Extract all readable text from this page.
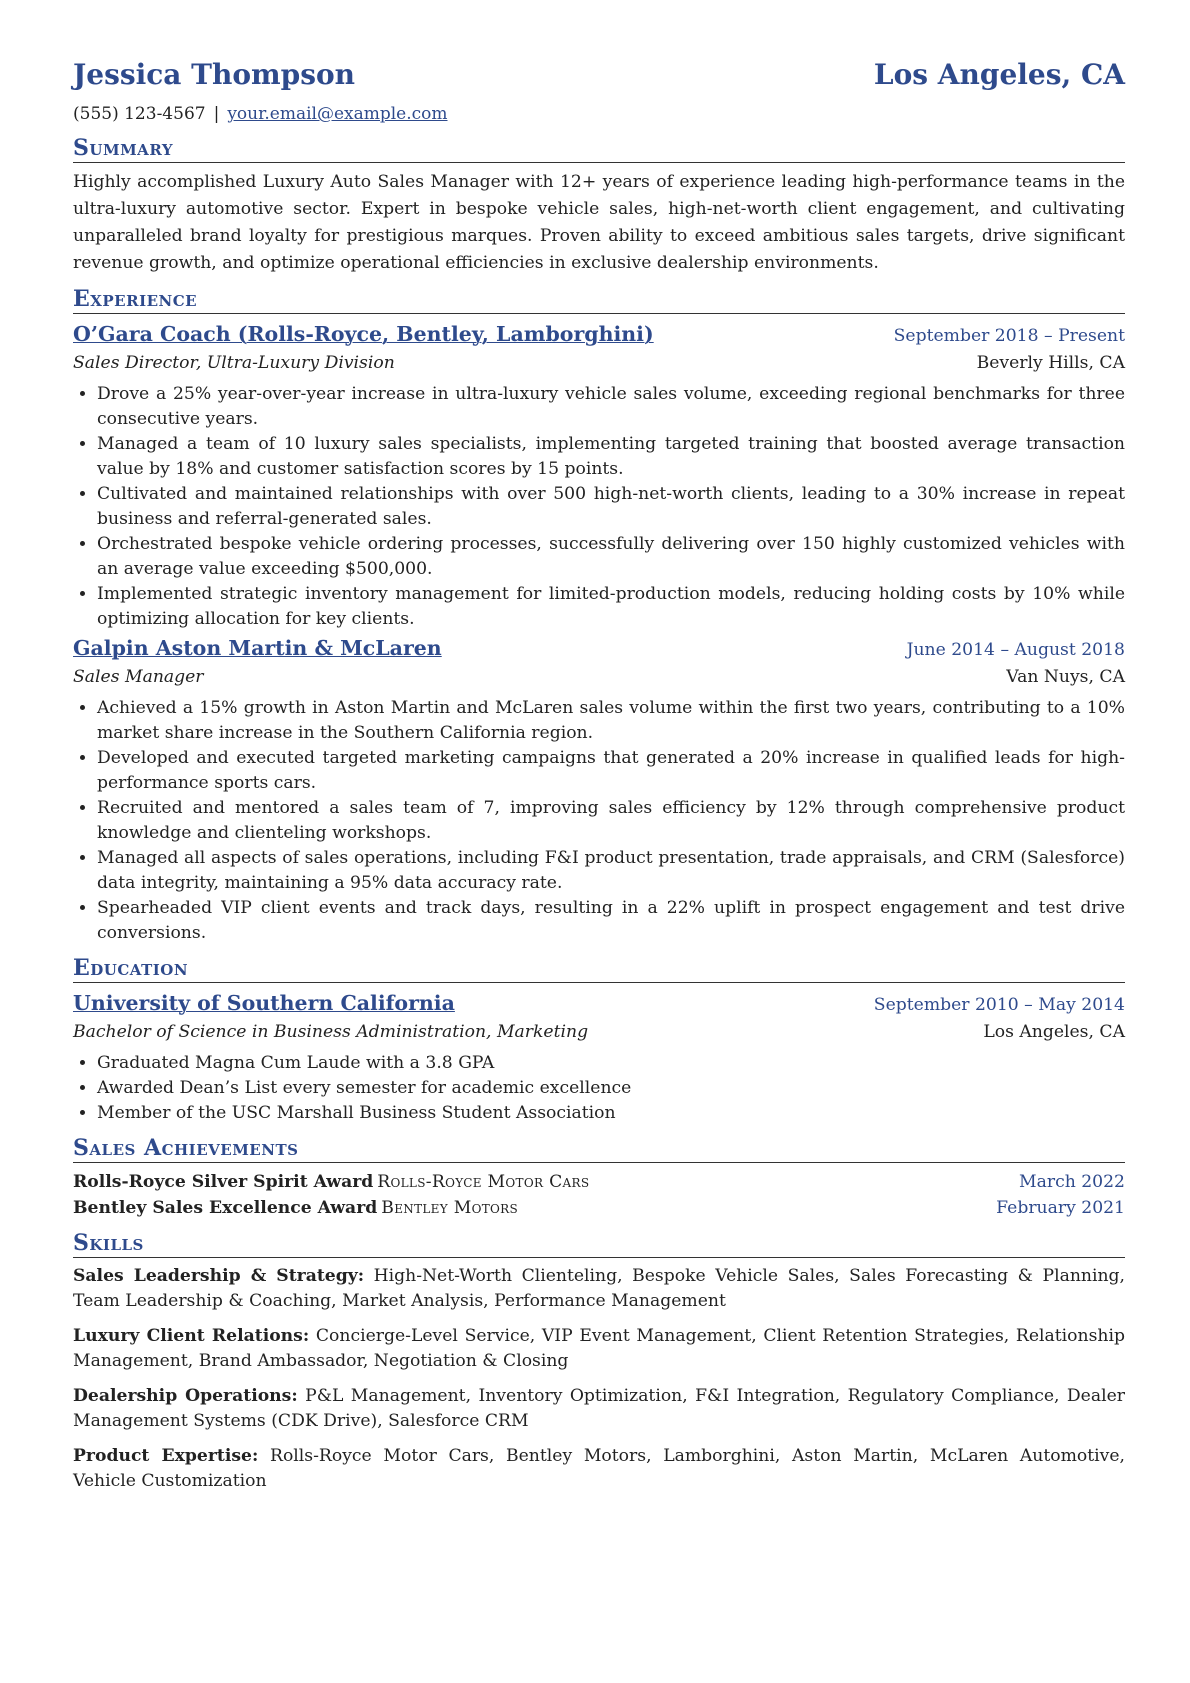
Jessica Thompson	Los Angeles, CA
(555) 123-4567 | your.email@example.com
Summary

Highly accomplished Luxury Auto Sales Manager with 12+ years of experience leading high-performance teams in the ultra-luxury automotive sector. Expert in bespoke vehicle sales, high-net-worth client engagement, and cultivating unparalleled brand loyalty for prestigious marques. Proven ability to exceed ambitious sales targets, drive significant revenue growth, and optimize operational efficiencies in exclusive dealership environments.

Experience
O’Gara Coach (Rolls-Royce, Bentley, Lamborghini)	September 2018 – Present
Sales Director, Ultra-Luxury Division	Beverly Hills, CA
• Drove a 25% year-over-year increase in ultra-luxury vehicle sales volume, exceeding regional benchmarks for three consecutive years.
• Managed a team of 10 luxury sales specialists, implementing targeted training that boosted average transaction value by 18% and customer satisfaction scores by 15 points.
• Cultivated and maintained relationships with over 500 high-net-worth clients, leading to a 30% increase in repeat business and referral-generated sales.
• Orchestrated bespoke vehicle ordering processes, successfully delivering over 150 highly customized vehicles with an average value exceeding $500,000.
• Implemented strategic inventory management for limited-production models, reducing holding costs by 10% while optimizing allocation for key clients.
Galpin Aston Martin & McLaren	June 2014 – August 2018
Sales Manager	Van Nuys, CA
• Achieved a 15% growth in Aston Martin and McLaren sales volume within the first two years, contributing to a 10% market share increase in the Southern California region.
• Developed and executed targeted marketing campaigns that generated a 20% increase in qualified leads for high-performance sports cars.
• Recruited and mentored a sales team of 7, improving sales efficiency by 12% through comprehensive product knowledge and clienteling workshops.
• Managed all aspects of sales operations, including F&I product presentation, trade appraisals, and CRM (Salesforce) data integrity, maintaining a 95% data accuracy rate.
• Spearheaded VIP client events and track days, resulting in a 22% uplift in prospect engagement and test drive conversions.
Education
University of Southern California	September 2010 – May 2014
Bachelor of Science in Business Administration, Marketing	Los Angeles, CA
• Graduated Magna Cum Laude with a 3.8 GPA
• Awarded Dean’s List every semester for academic excellence
• Member of the USC Marshall Business Student Association
Sales Achievements
Rolls-Royce Silver Spirit Award Rolls-Royce Motor Cars	March 2022
Bentley Sales Excellence Award Bentley Motors	February 2021
Skills

Sales Leadership & Strategy: High-Net-Worth Clienteling, Bespoke Vehicle Sales, Sales Forecasting & Planning, Team Leadership & Coaching, Market Analysis, Performance Management

Luxury Client Relations: Concierge-Level Service, VIP Event Management, Client Retention Strategies, Relationship Management, Brand Ambassador, Negotiation & Closing

Dealership Operations: P&L Management, Inventory Optimization, F&I Integration, Regulatory Compliance, Dealer Management Systems (CDK Drive), Salesforce CRM

Product Expertise: Rolls-Royce Motor Cars, Bentley Motors, Lamborghini, Aston Martin, McLaren Automotive, Vehicle Customization
